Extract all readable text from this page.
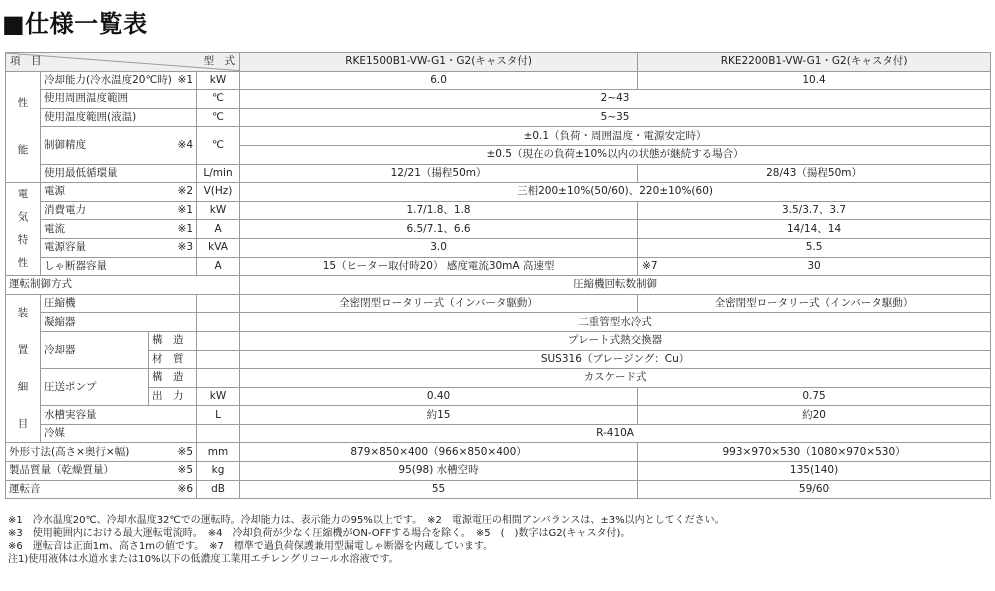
■仕様一覧表
項　目 型　式				RKE1500B1-VW-G1・G2(キャスタ付)	RKE2200B1-VW-G1・G2(キャスタ付)

性
能	冷却能力(冷水温度20℃時) ※1		kW	6.0	10.4
	使用周囲温度範囲		℃	2~43	
	使用温度範囲(液温)		℃	5~35	

	制御精度 ※4		℃	±0.1（負荷・周囲温度・電源安定時）	
				±0.5（現在の負荷±10%以内の状態が継続する場合）	
	使用最低循環量		L/min	12/21（揚程50m）	28/43（揚程50m）

電
気
特
性	電源 ※2		V(Hz)	三相200±10%(50/60)、220±10%(60)	

	消費電力 ※1		kW	1.7/1.8、1.8	3.5/3.7、3.7

	電流 ※1		A	6.5/7.1、6.6	14/14、14

	電源容量 ※3		kVA	3.0	5.5
	しゃ断器容量		A	15（ヒーター取付時20） 感度電流30mA 高速型	※7 30

運転制御方式				圧縮機回転数制御	

装
置
細
目	圧縮機			全密閉型ロータリー式（インバータ駆動）	全密閉型ロータリー式（インバータ駆動）
	凝縮器			二重管型水冷式	
	冷却器	構　造		プレート式熱交換器	
		材　質		SUS316（ブレージング：Cu）	
	圧送ポンプ	構　造		カスケード式	
		出　力	kW	0.40	0.75
	水槽実容量		L	約15	約20
	冷媒			R-410A	

外形寸法(高さ×奥行×幅) ※5			mm	879×850×400（966×850×400）	993×970×530（1080×970×530）

製品質量（乾燥質量） ※5			kg	95(98) 水槽空時	135(140)

運転音 ※6			dB	55	59/60
※1　冷水温度20℃、冷却水温度32℃での運転時。冷却能力は、表示能力の95%以上です。　※2　電源電圧の相間アンバランスは、±3%以内としてください。
※3　使用範囲内における最大運転電流時。　※4　冷却負荷が少なく圧縮機がON-OFFする場合を除く。　※5　(　)数字はG2(キャスタ付)。
※6　運転音は正面1m、高さ1mの値です。　※7　標準で過負荷保護兼用型漏電しゃ断器を内蔵しています。
注1)使用液体は水道水または10%以下の低濃度工業用エチレングリコール水溶液です。
